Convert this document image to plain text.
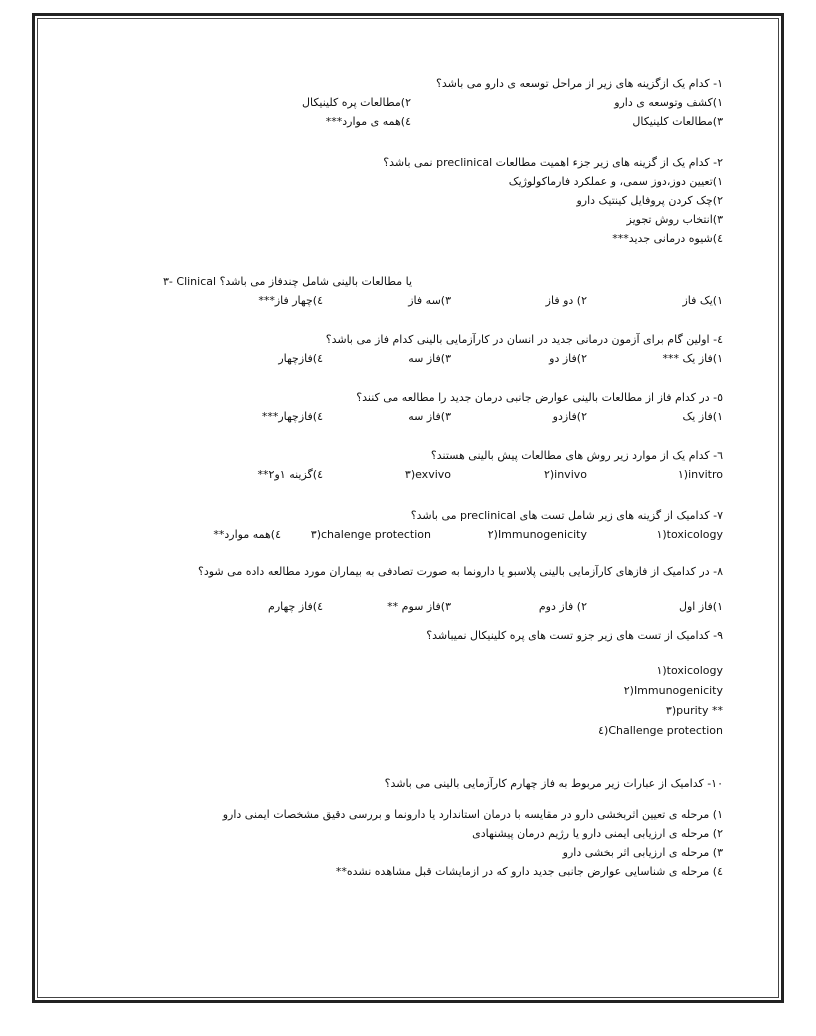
١- کدام یک ازگزینه های زیر از مراحل توسعه ی دارو می باشد؟
١)کشف وتوسعه ی دارو
٢)مطالعات پره کلینیکال
٣)مطالعات کلینیکال
٤)همه ی موارد***
٢- کدام یک از گزینه های زیر جزء اهمیت مطالعات preclinical نمی باشد؟
١)تعیین دوز،دوز سمی، و عملکرد فارماکولوژیک
٢)چک کردن پروفایل کینتیک دارو
٣)انتخاب روش تجویز
٤)شیوه درمانی جدید***
٣- Clinical یا مطالعات بالینی شامل چندفاز می باشد؟
١)یک فاز
٢) دو فاز
٣)سه فاز
٤)چهار فاز***
٤- اولین گام برای آزمون درمانی جدید در انسان در کارآزمایی بالینی کدام فاز می باشد؟
١)فاز یک ***
٢)فاز دو
٣)فاز سه
٤)فازچهار
٥- در کدام فاز از مطالعات بالینی عوارض جانبی درمان جدید را مطالعه می کنند؟
١)فاز یک
٢)فازدو
٣)فاز سه
٤)فازچهار***
٦- کدام یک از موارد زیر روش های مطالعات پیش بالینی هستند؟
invitro(١
invivo(٢
exvivo(٣
٤)گزینه ١و٢**
٧- کدامیک از گزینه های زیر شامل تست های preclinical می باشد؟
toxicology(١
Immunogenicity(٢
chalenge protection(٣
٤)همه موارد**
٨- در کدامیک از فازهای کارآزمایی بالینی پلاسبو یا دارونما به صورت تصادفی به بیماران مورد مطالعه داده می شود؟
١)فاز اول
٢) فاز دوم
٣)فاز سوم **
٤)فاز چهارم
٩- کدامیک از تست های زیر جزو تست های پره کلینیکال نمیباشد؟
toxicology(١
Immunogenicity(٢
** purity(٣
Challenge protection(٤
١٠- کدامیک از عبارات زیر مربوط به فاز چهارم کارآزمایی بالینی می باشد؟
١) مرحله ی تعیین اثربخشی دارو در مقایسه با درمان استاندارد یا دارونما و بررسی دقیق مشخصات ایمنی دارو
٢) مرحله ی ارزیابی ایمنی دارو یا رژیم درمان پیشنهادی
٣) مرحله ی ارزیابی اثر بخشی دارو
٤) مرحله ی شناسایی عوارض جانبی جدید دارو که در ازمایشات قبل مشاهده نشده**
